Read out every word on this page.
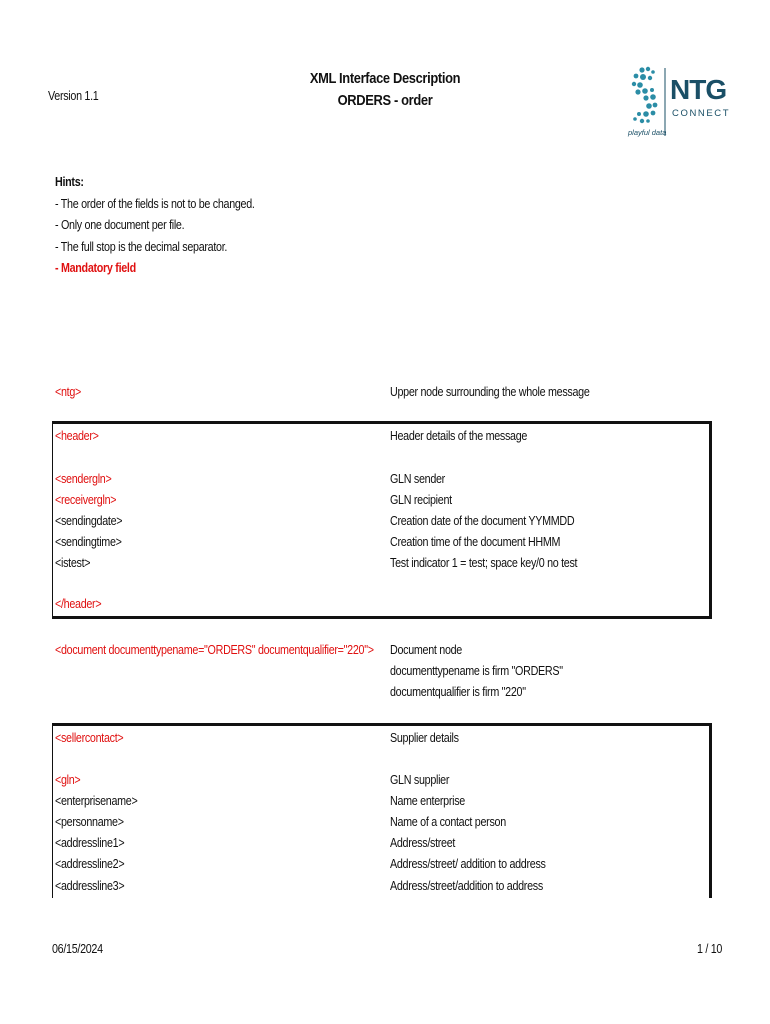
Version 1.1
XML Interface Description
ORDERS - order	NTG
CONNECT
playful data
Hints:
- The order of the fields is not to be changed.
- Only one document per file.
- The full stop is the decimal separator.
- Mandatory field
<ntg>	Upper node surrounding the whole message
<header>	Header details of the message
<sendergln>	GLN sender
<receivergln>	GLN recipient
<sendingdate>	Creation date of the document YYMMDD
<sendingtime>	Creation time of the document HHMM
<istest>	Test indicator 1 = test; space key/0 no test
</header>
<document documenttypename="ORDERS" documentqualifier="220"> Document node
documenttypename is firm "ORDERS"
documentqualifier is firm "220"
<sellercontact>	Supplier details
<gln>	GLN supplier
<enterprisename>	Name enterprise
<personname>	Name of a contact person
<addressline1>	Address/street
<addressline2>	Address/street/ addition to address
<addressline3>	Address/street/addition to address
06/15/2024	1 / 10
